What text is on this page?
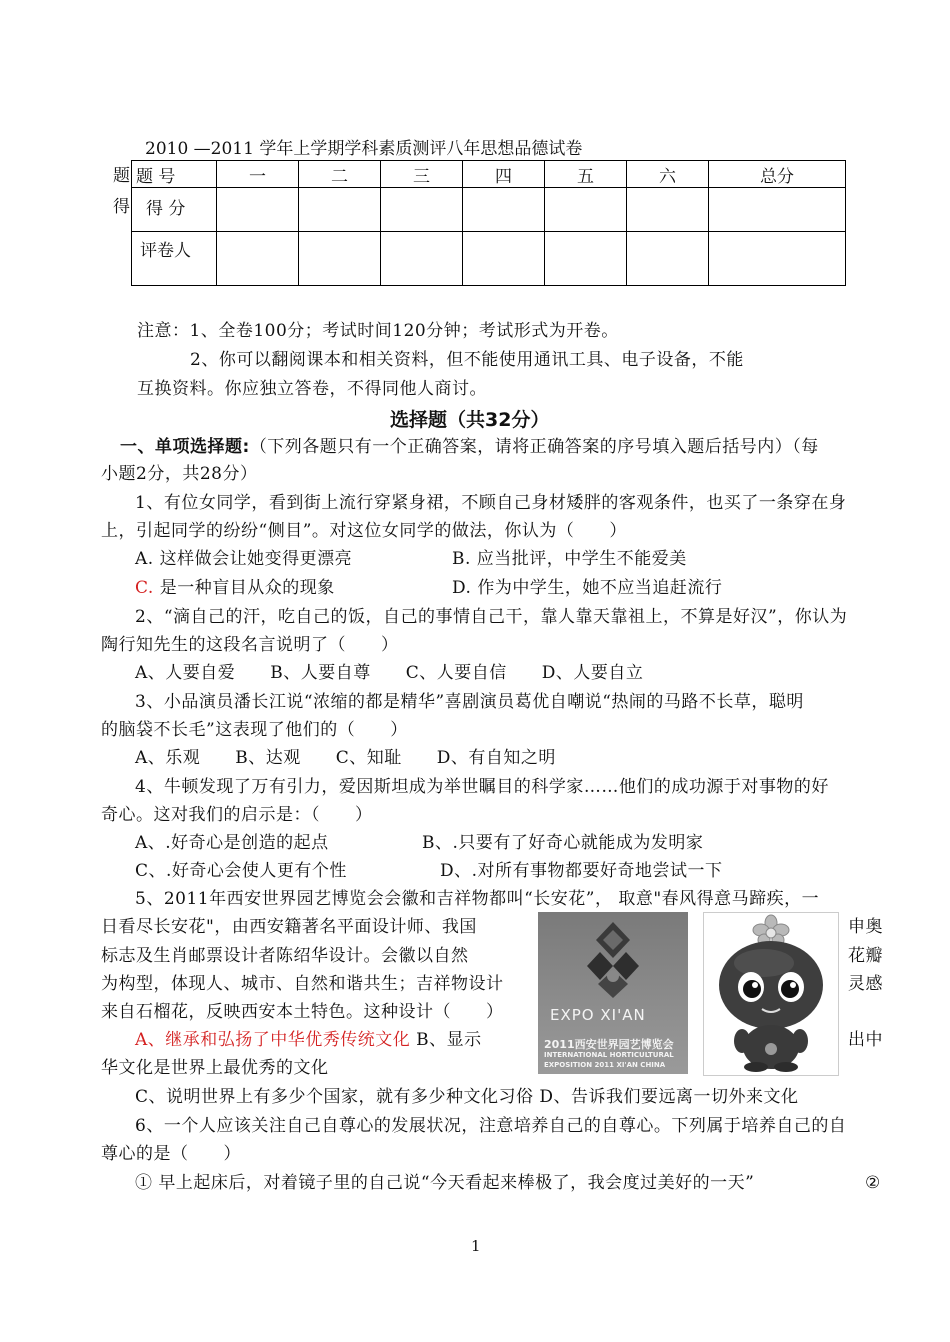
2010 —2011 学年上学期学科素质测评八年思想品德试卷
题
得
题 号	一	二	三	四	五	六	总分
得 分							
评卷人							
注意：1、全卷100分；考试时间120分钟；考试形式为开卷。
2、你可以翻阅课本和相关资料，但不能使用通讯工具、电子设备，不能
互换资料。你应独立答卷，不得同他人商讨。
选择题（共32分）
一、单项选择题:（下列各题只有一个正确答案，请将正确答案的序号填入题后括号内）（每
小题2分，共28分）
1、有位女同学，看到街上流行穿紧身裙，不顾自己身材矮胖的客观条件，也买了一条穿在身
上，引起同学的纷纷“侧目”。对这位女同学的做法，你认为（　　）
A. 这样做会让她变得更漂亮	B. 应当批评，中学生不能爱美
C. 是一种盲目从众的现象	D. 作为中学生，她不应当追赶流行
2、“滴自己的汗，吃自己的饭，自己的事情自己干，靠人靠天靠祖上，不算是好汉”，你认为
陶行知先生的这段名言说明了（　　）
A、人要自爱　　B、人要自尊　　C、人要自信　　D、人要自立
3、小品演员潘长江说“浓缩的都是精华”喜剧演员葛优自嘲说“热闹的马路不长草，聪明
的脑袋不长毛”这表现了他们的（　　）
A、乐观　　B、达观　　C、知耻　　D、有自知之明
4、牛顿发现了万有引力，爱因斯坦成为举世瞩目的科学家……他们的成功源于对事物的好
奇心。这对我们的启示是：（　　）
A、.好奇心是创造的起点	B、.只要有了好奇心就能成为发明家
C、.好奇心会使人更有个性	D、.对所有事物都要好奇地尝试一下
5、2011年西安世界园艺博览会会徽和吉祥物都叫“长安花”， 取意"春风得意马蹄疾，一
日看尽长安花"，由西安籍著名平面设计师、我国	申奥
标志及生肖邮票设计者陈绍华设计。会徽以自然	花瓣
为构型，体现人、城市、自然和谐共生；吉祥物设计	灵感
来自石榴花，反映西安本土特色。这种设计（　　）
A、继承和弘扬了中华优秀传统文化 B、显示	出中
华文化是世界上最优秀的文化
C、说明世界上有多少个国家，就有多少种文化习俗 D、告诉我们要远离一切外来文化
EXPO XI'AN
2011西安世界园艺博览会
INTERNATIONAL HORTICULTURAL
EXPOSITION 2011 XI'AN CHINA
6、一个人应该关注自己自尊心的发展状况，注意培养自己的自尊心。下列属于培养自己的自
尊心的是（　　）
① 早上起床后，对着镜子里的自己说“今天看起来棒极了，我会度过美好的一天”	②
1
